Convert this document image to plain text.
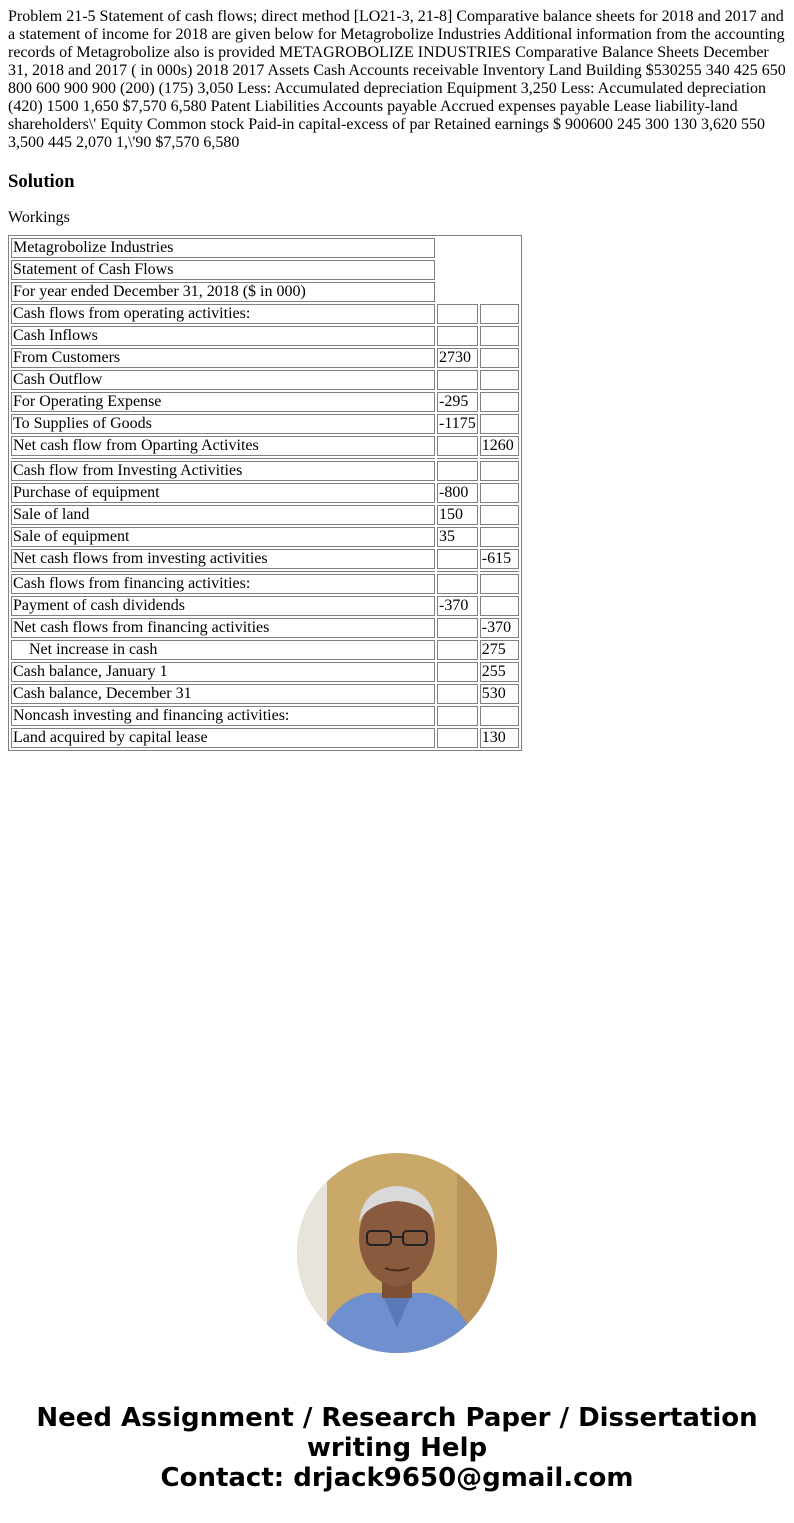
Problem 21-5 Statement of cash flows; direct method [LO21-3, 21-8] Comparative balance sheets for 2018 and 2017 and a statement of income for 2018 are given below for Metagrobolize Industries Additional information from the accounting records of Metagrobolize also is provided METAGROBOLIZE INDUSTRIES Comparative Balance Sheets December 31, 2018 and 2017 ( in 000s) 2018 2017 Assets Cash Accounts receivable Inventory Land Building $530255 340 425 650 800 600 900 900 (200) (175) 3,050 Less: Accumulated depreciation Equipment 3,250 Less: Accumulated depreciation (420) 1500 1,650 $7,570 6,580 Patent Liabilities Accounts payable Accrued expenses payable Lease liability-land shareholders\' Equity Common stock Paid-in capital-excess of par Retained earnings $ 900600 245 300 130 3,620 550 3,500 445 2,070 1,\'90 $7,570 6,580

Solution

Workings

Metagrobolize Industries		
Statement of Cash Flows		
For year ended December 31, 2018 ($ in 000)		
Cash flows from operating activities:		
Cash Inflows		
From Customers	2730	
Cash Outflow		
For Operating Expense	-295	
To Supplies of Goods	-1175	
Net cash flow from Oparting Activites		1260

Cash flow from Investing Activities		
Purchase of equipment	-800	
Sale of land	150	
Sale of equipment	35	
Net cash flows from investing activities		-615

Cash flows from financing activities:		
Payment of cash dividends	-370	
Net cash flows from financing activities		-370
Net increase in cash		275
Cash balance, January 1		255
Cash balance, December 31		530
Noncash investing and financing activities:		
Land acquired by capital lease		130
Need Assignment / Research Paper / Dissertation
writing Help
Contact: drjack9650@gmail.com
